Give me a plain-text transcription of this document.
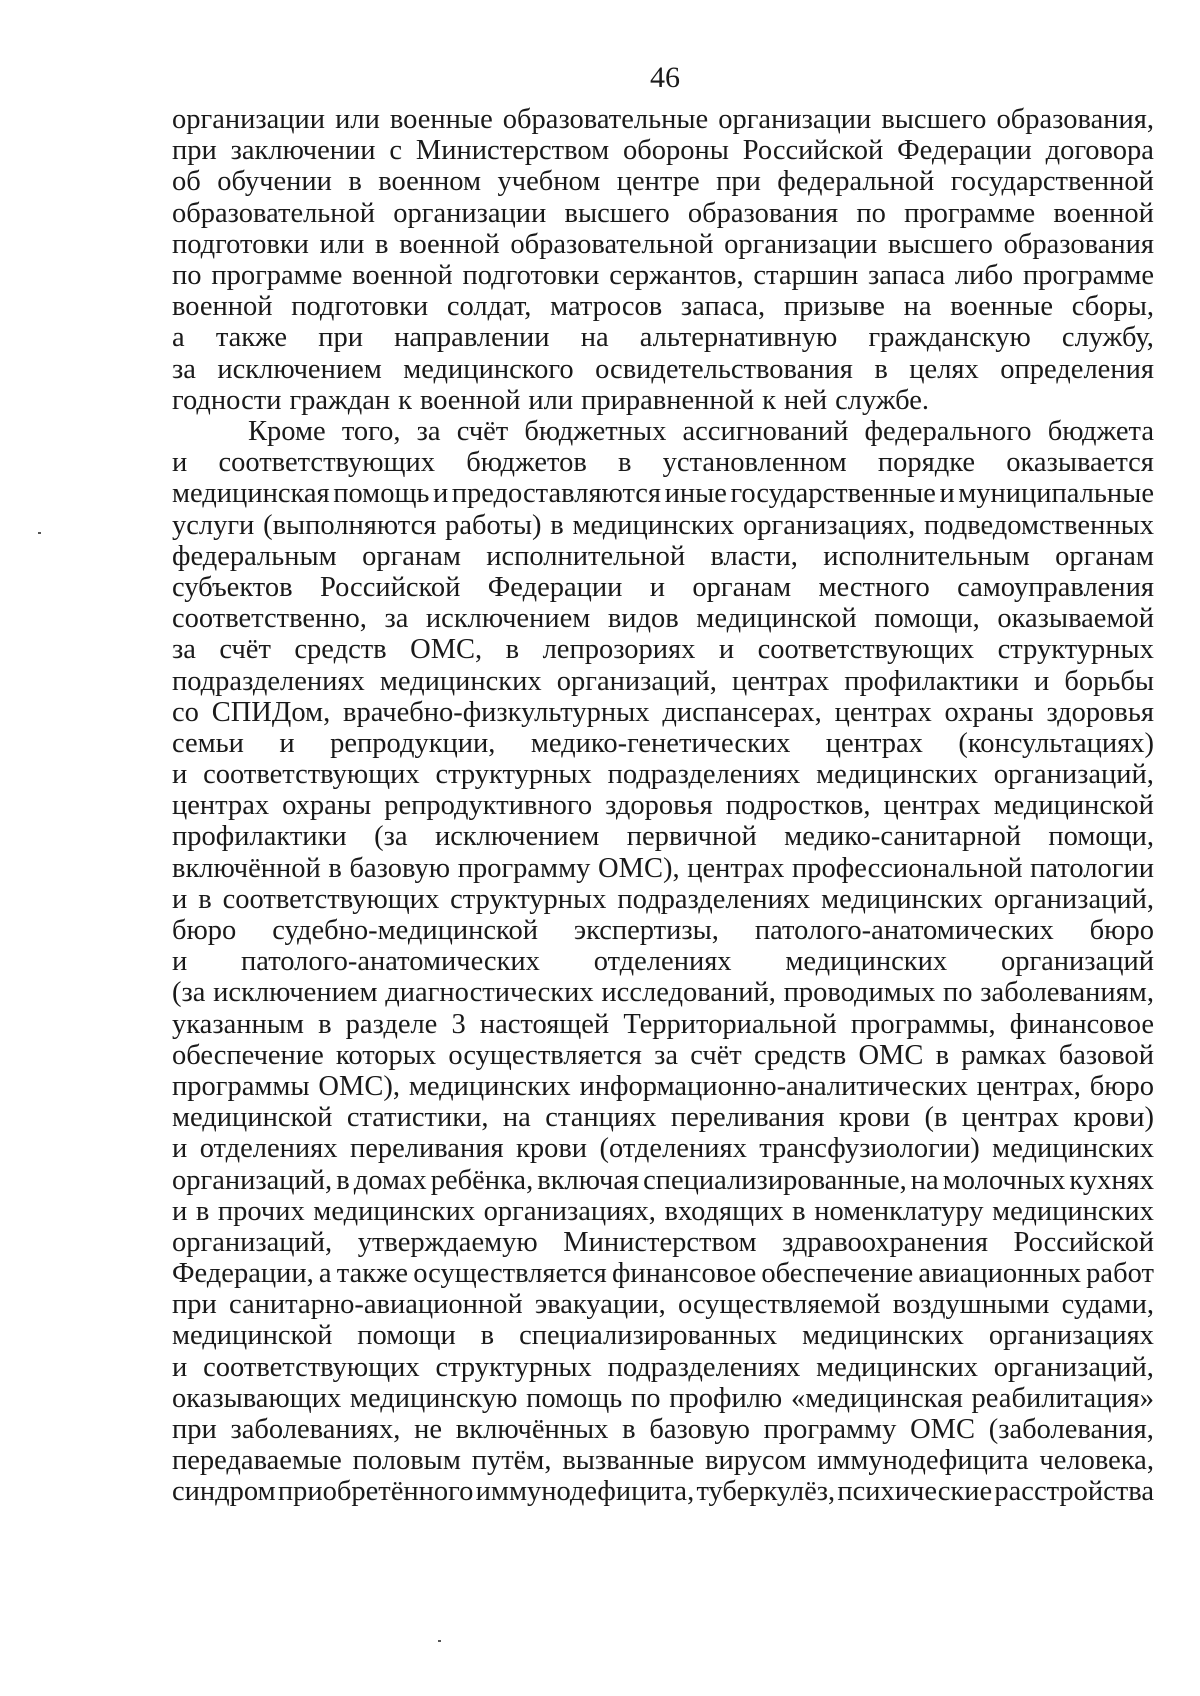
46
организации или военные образовательные организации высшего образования,
при заключении с Министерством обороны Российской Федерации договора
об обучении в военном учебном центре при федеральной государственной
образовательной организации высшего образования по программе военной
подготовки или в военной образовательной организации высшего образования
по программе военной подготовки сержантов, старшин запаса либо программе
военной подготовки солдат, матросов запаса, призыве на военные сборы,
а также при направлении на альтернативную гражданскую службу,
за исключением медицинского освидетельствования в целях определения
годности граждан к военной или приравненной к ней службе.
Кроме того, за счёт бюджетных ассигнований федерального бюджета
и соответствующих бюджетов в установленном порядке оказывается
медицинская помощь и предоставляются иные государственные и муниципальные
услуги (выполняются работы) в медицинских организациях, подведомственных
федеральным органам исполнительной власти, исполнительным органам
субъектов Российской Федерации и органам местного самоуправления
соответственно, за исключением видов медицинской помощи, оказываемой
за счёт средств ОМС, в лепрозориях и соответствующих структурных
подразделениях медицинских организаций, центрах профилактики и борьбы
со СПИДом, врачебно-физкультурных диспансерах, центрах охраны здоровья
семьи и репродукции, медико-генетических центрах (консультациях)
и соответствующих структурных подразделениях медицинских организаций,
центрах охраны репродуктивного здоровья подростков, центрах медицинской
профилактики (за исключением первичной медико-санитарной помощи,
включённой в базовую программу ОМС), центрах профессиональной патологии
и в соответствующих структурных подразделениях медицинских организаций,
бюро судебно-медицинской экспертизы, патолого-анатомических бюро
и патолого-анатомических отделениях медицинских организаций
(за исключением диагностических исследований, проводимых по заболеваниям,
указанным в разделе 3 настоящей Территориальной программы, финансовое
обеспечение которых осуществляется за счёт средств ОМС в рамках базовой
программы ОМС), медицинских информационно-аналитических центрах, бюро
медицинской статистики, на станциях переливания крови (в центрах крови)
и отделениях переливания крови (отделениях трансфузиологии) медицинских
организаций, в домах ребёнка, включая специализированные, на молочных кухнях
и в прочих медицинских организациях, входящих в номенклатуру медицинских
организаций, утверждаемую Министерством здравоохранения Российской
Федерации, а также осуществляется финансовое обеспечение авиационных работ
при санитарно-авиационной эвакуации, осуществляемой воздушными судами,
медицинской помощи в специализированных медицинских организациях
и соответствующих структурных подразделениях медицинских организаций,
оказывающих медицинскую помощь по профилю «медицинская реабилитация»
при заболеваниях, не включённых в базовую программу ОМС (заболевания,
передаваемые половым путём, вызванные вирусом иммунодефицита человека,
синдром приобретённого иммунодефицита, туберкулёз, психические расстройства
